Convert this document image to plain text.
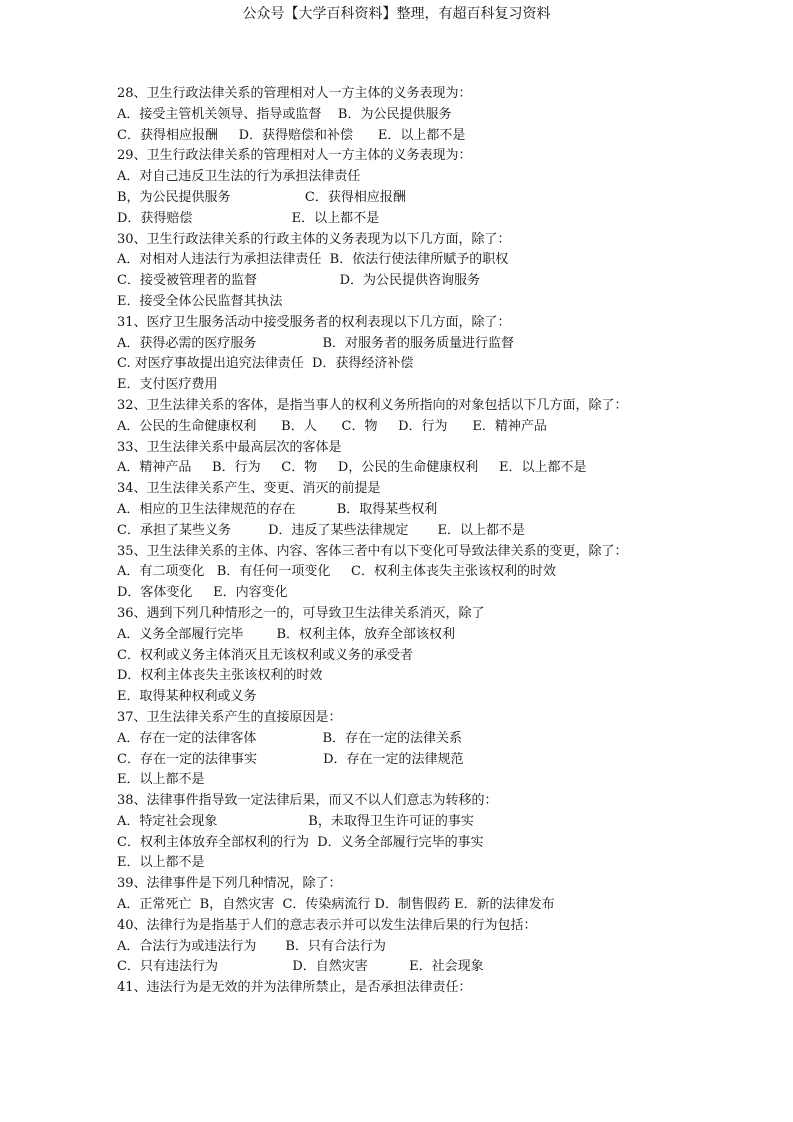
公众号【大学百科资料】整理，有超百科复习资料
28、卫生行政法律关系的管理相对人一方主体的义务表现为：
A．接受主管机关领导、指导或监督    B．为公民提供服务
C．获得相应报酬     D．获得赔偿和补偿      E．以上都不是
29、卫生行政法律关系的管理相对人一方主体的义务表现为：
A．对自己违反卫生法的行为承担法律责任
B，为公民提供服务                  C．获得相应报酬
D．获得赔偿                        E．以上都不是
30、卫生行政法律关系的行政主体的义务表现为以下几方面，除了：
A．对相对人违法行为承担法律责任  B．依法行使法律所赋予的职权
C．接受被管理者的监督                    D．为公民提供咨询服务
E．接受全体公民监督其执法
31、医疗卫生服务活动中接受服务者的权利表现以下几方面，除了：
A．获得必需的医疗服务                B．对服务者的服务质量进行监督
C. 对医疗事故提出追究法律责任  D．获得经济补偿
E．支付医疗费用
32、卫生法律关系的客体，是指当事人的权利义务所指向的对象包括以下几方面，除了：
A．公民的生命健康权利      B．人      C．物     D．行为      E．精神产品
33、卫生法律关系中最高层次的客体是
A．精神产品     B．行为     C．物     D，公民的生命健康权利     E．以上都不是
34、卫生法律关系产生、变更、消灭的前提是
A．相应的卫生法律规范的存在          B．取得某些权利
C．承担了某些义务         D．违反了某些法律规定       E．以上都不是
35、卫生法律关系的主体、内容、客体三者中有以下变化可导致法律关系的变更，除了：
A．有二项变化   B．有任何一项变化     C．权利主体丧失主张该权利的时效
D．客体变化     E．内容变化
36、遇到下列几种情形之一的，可导致卫生法律关系消灭，除了
A．义务全部履行完毕        B．权利主体，放弃全部该权利
C．权利或义务主体消灭且无该权利或义务的承受者
D．权利主体丧失主张该权利的时效
E．取得某种权利或义务
37、卫生法律关系产生的直接原因是：
A．存在一定的法律客体                B．存在一定的法律关系
C．存在一定的法律事实                D．存在一定的法律规范
E．以上都不是
38、法律事件指导致一定法律后果，而又不以人们意志为转移的：
A．特定社会现象                      B，未取得卫生许可证的事实
C．权利主体放弃全部权利的行为  D．义务全部履行完毕的事实
E．以上都不是
39、法律事件是下列几种情况，除了：
A．正常死亡  B，自然灾害  C．传染病流行 D．制售假药 E．新的法律发布
40、法律行为是指基于人们的意志表示并可以发生法律后果的行为包括：
A．合法行为或违法行为       B．只有合法行为
C．只有违法行为                  D．自然灾害          E．社会现象
41、违法行为是无效的并为法律所禁止，是否承担法律责任：
